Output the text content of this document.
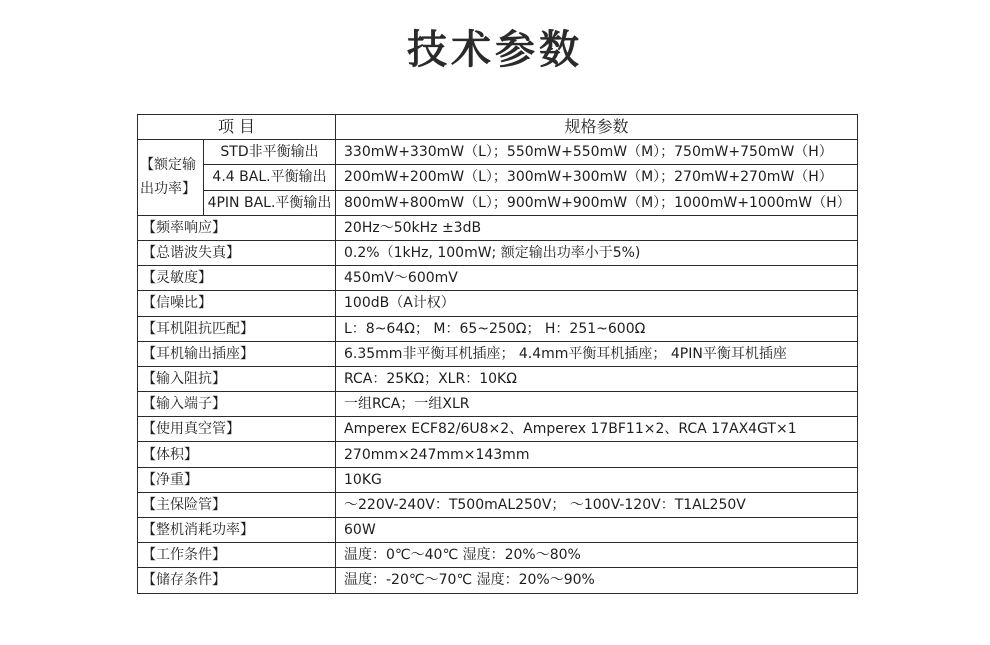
技术参数
项 目		规格参数
【额定输出功率】	STD非平衡输出	330mW+330mW（L）；550mW+550mW（M）；750mW+750mW（H）
	4.4 BAL.平衡输出	200mW+200mW（L）；300mW+300mW（M）；270mW+270mW（H）
	4PIN BAL.平衡输出	800mW+800mW（L）；900mW+900mW（M）；1000mW+1000mW（H）
【频率响应】		20Hz～50kHz ±3dB
【总谐波失真】		0.2%（1kHz, 100mW; 额定输出功率小于5%)
【灵敏度】		450mV～600mV
【信噪比】		100dB（A计权）
【耳机阻抗匹配】		L：8~64Ω； M：65~250Ω； H：251~600Ω
【耳机输出插座】		6.35mm非平衡耳机插座； 4.4mm平衡耳机插座； 4PIN平衡耳机插座
【输入阻抗】		RCA：25KΩ；XLR：10KΩ
【输入端子】		一组RCA；一组XLR
【使用真空管】		Amperex ECF82/6U8×2、Amperex 17BF11×2、RCA 17AX4GT×1
【体积】		270mm×247mm×143mm
【净重】		10KG
【主保险管】		～220V-240V：T500mAL250V； ～100V-120V：T1AL250V
【整机消耗功率】		60W
【工作条件】		温度：0℃～40℃ 湿度：20%～80%
【储存条件】		温度：-20℃～70℃ 湿度：20%～90%
